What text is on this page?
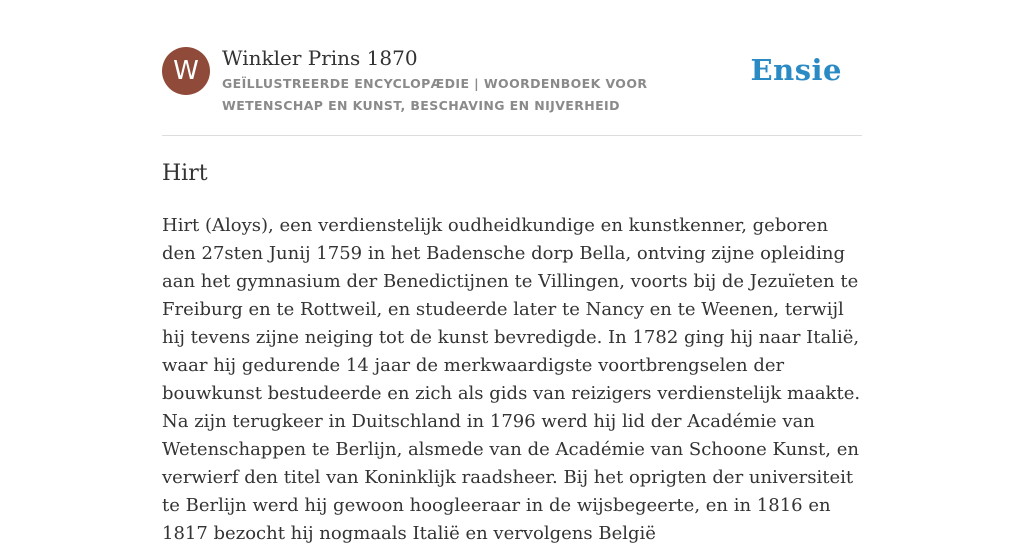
W	Winkler Prins 1870
GEÏLLUSTREERDE ENCYCLOPÆDIE | WOORDENBOEK VOOR WETENSCHAP EN KUNST, BESCHAVING EN NIJVERHEID
Ensie
Hirt

Hirt (Aloys), een verdienstelijk oudheidkundige en kunstkenner, geboren den 27sten Junij 1759 in het Badensche dorp Bella, ontving zijne opleiding aan het gymnasium der Benedictijnen te Villingen, voorts bij de Jezuïeten te Freiburg en te Rottweil, en studeerde later te Nancy en te Weenen, terwijl hij tevens zijne neiging tot de kunst bevredigde. In 1782 ging hij naar Italië, waar hij gedurende 14 jaar de merkwaardigste voortbrengselen der bouwkunst bestudeerde en zich als gids van reizigers verdienstelijk maakte. Na zijn terugkeer in Duitschland in 1796 werd hij lid der Académie van Wetenschappen te Berlijn, alsmede van de Académie van Schoone Kunst, en verwierf den titel van Koninklijk raadsheer. Bij het oprigten der universiteit te Berlijn werd hij gewoon hoogleeraar in de wijsbegeerte, en in 1816 en 1817 bezocht hij nogmaals Italië en vervolgens België
